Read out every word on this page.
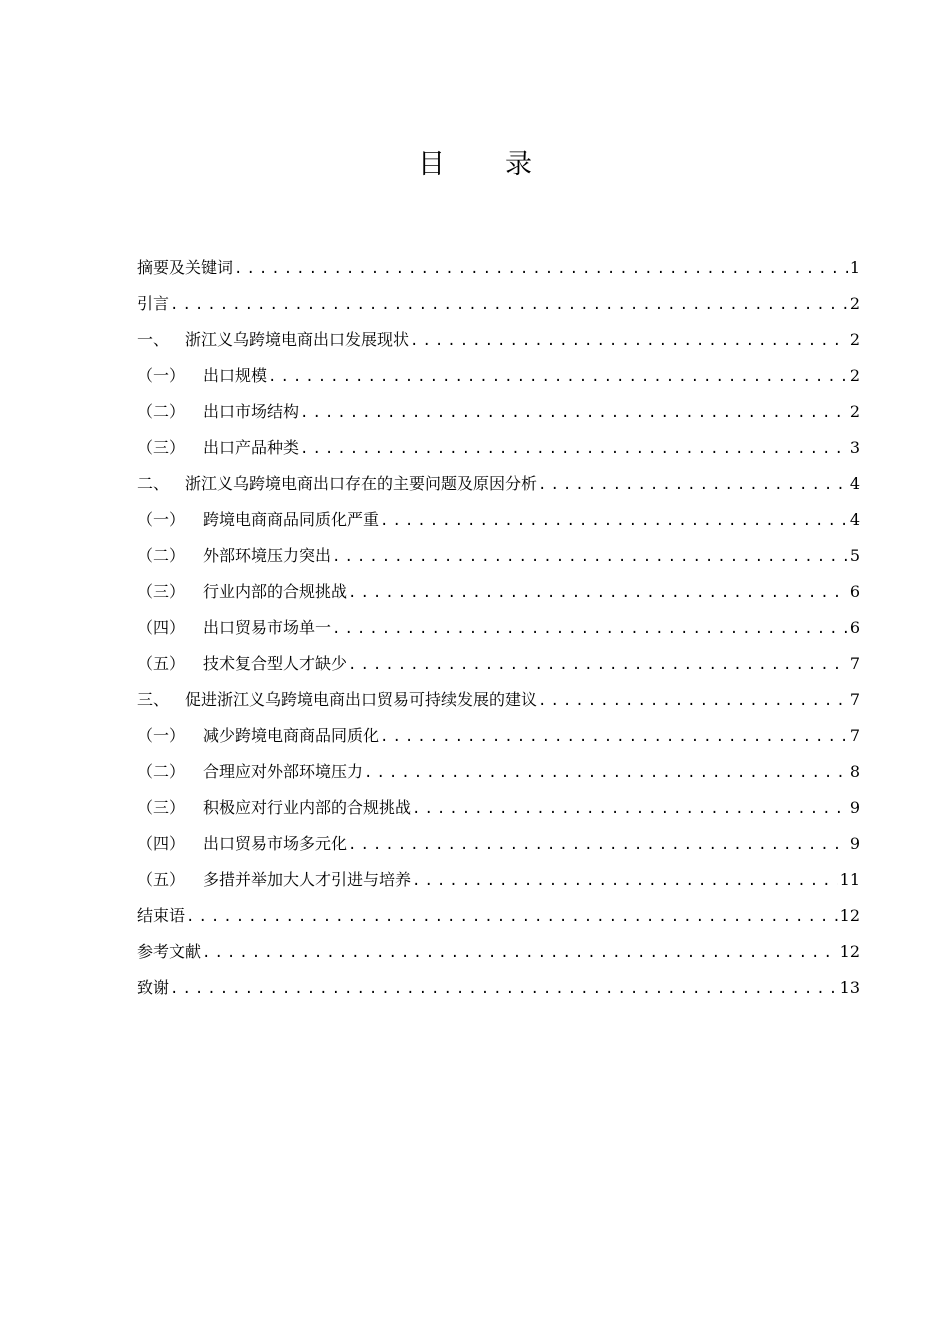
目 录
摘要及关键词 .....	1
引言 .....	2
一、 浙江义乌跨境电商出口发展现状 .....	2
（一） 出口规模 .....	2
（二） 出口市场结构 .....	2
（三） 出口产品种类 .....	3
二、 浙江义乌跨境电商出口存在的主要问题及原因分析 .....	4
（一） 跨境电商商品同质化严重 .....	4
（二） 外部环境压力突出 .....	5
（三） 行业内部的合规挑战 .....	6
（四） 出口贸易市场单一 .....	6
（五） 技术复合型人才缺少 .....	7
三、 促进浙江义乌跨境电商出口贸易可持续发展的建议 .....	7
（一） 减少跨境电商商品同质化 .....	7
（二） 合理应对外部环境压力 .....	8
（三） 积极应对行业内部的合规挑战 .....	9
（四） 出口贸易市场多元化 .....	9
（五） 多措并举加大人才引进与培养 .....	11
结束语 .....	12
参考文献 .....	12
致谢 .....	13
